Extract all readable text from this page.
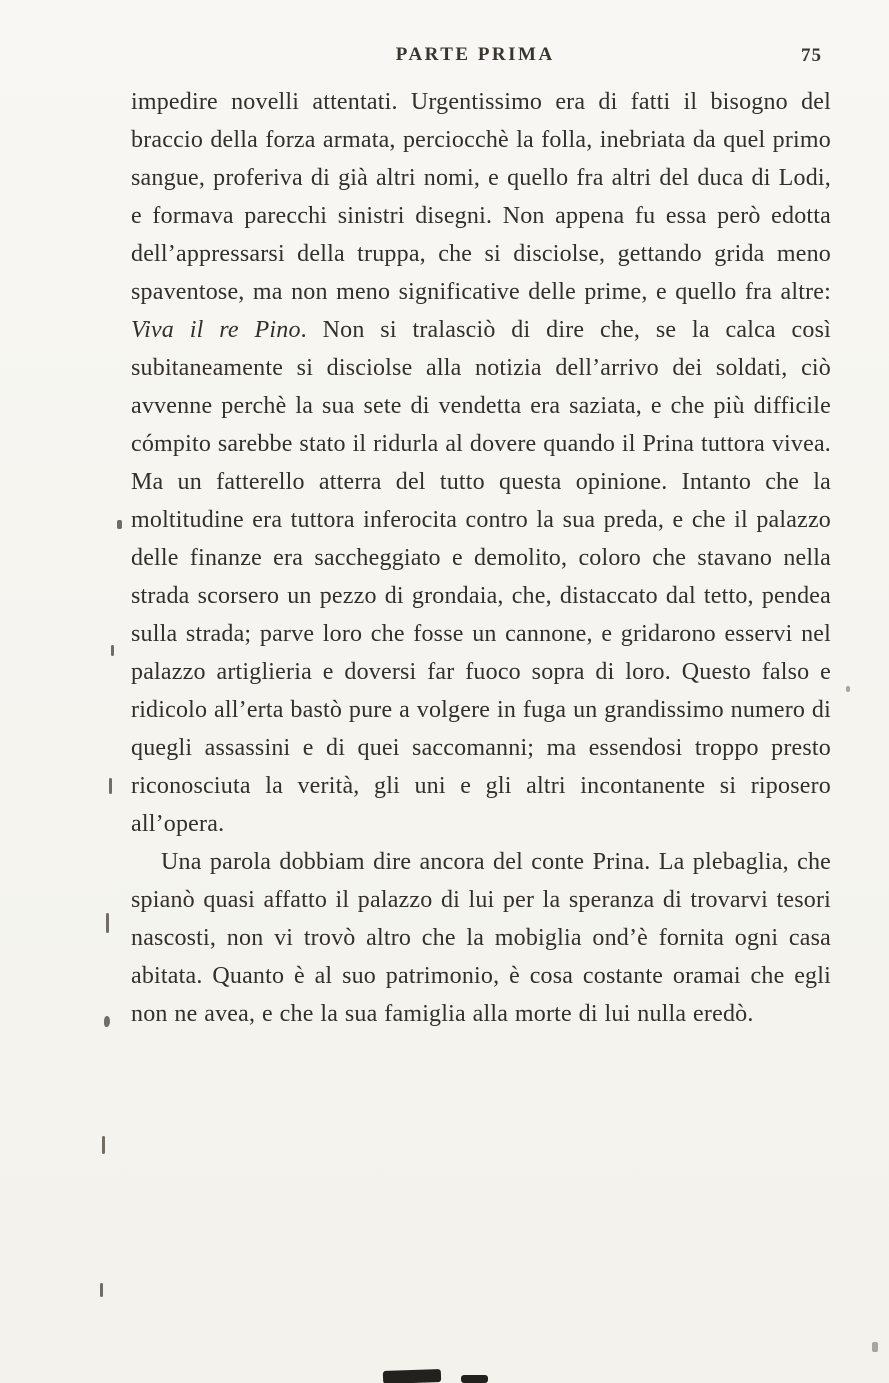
PARTE PRIMA	75

impedire novelli attentati. Urgentissimo era di fatti il bisogno del braccio della forza armata, perciocchè la folla, inebriata da quel primo sangue, proferiva di già altri nomi, e quello fra altri del duca di Lodi, e formava parecchi sinistri disegni. Non appena fu essa però edotta dell’appressarsi della truppa, che si disciolse, gettando grida meno spaventose, ma non meno significative delle prime, e quello fra altre: Viva il re Pino. Non si tralasciò di dire che, se la calca così subitaneamente si disciolse alla notizia dell’arrivo dei soldati, ciò avvenne perchè la sua sete di vendetta era saziata, e che più difficile cómpito sarebbe stato il ridurla al dovere quando il Prina tuttora vivea. Ma un fatterello atterra del tutto questa opinione. Intanto che la moltitudine era tuttora inferocita contro la sua preda, e che il palazzo delle finanze era saccheggiato e demolito, coloro che stavano nella strada scorsero un pezzo di grondaia, che, distaccato dal tetto, pendea sulla strada; parve loro che fosse un cannone, e gridarono esservi nel palazzo artiglieria e doversi far fuoco sopra di loro. Questo falso e ridicolo all’erta bastò pure a volgere in fuga un grandissimo numero di quegli assassini e di quei saccomanni; ma essendosi troppo presto riconosciuta la verità, gli uni e gli altri incontanente si riposero all’opera.

Una parola dobbiam dire ancora del conte Prina. La plebaglia, che spianò quasi affatto il palazzo di lui per la speranza di trovarvi tesori nascosti, non vi trovò altro che la mobiglia ond’è fornita ogni casa abitata. Quanto è al suo patrimonio, è cosa costante oramai che egli non ne avea, e che la sua famiglia alla morte di lui nulla eredò.
